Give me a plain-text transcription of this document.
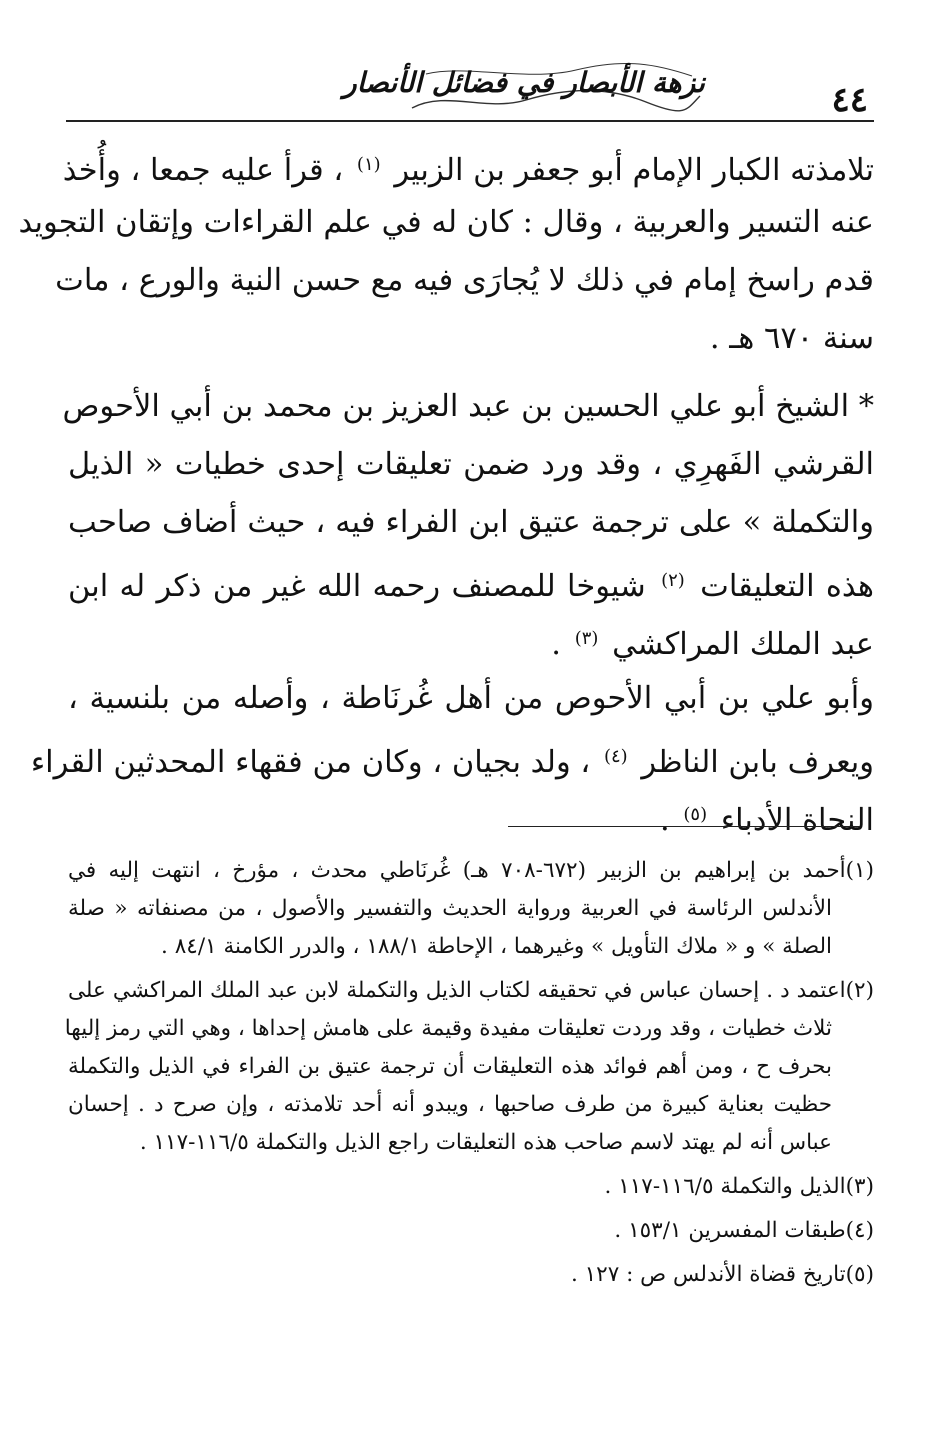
نزهة الأبصار في فضائل الأنصار	٤٤
تلامذته الكبار الإمام أبو جعفر بن الزبير $^{(١)}$ ، قرأ عليه جمعا ، وأُخذ
عنه التسير والعربية ، وقال : كان له في علم القراءات وإتقان التجويد
قدم راسخ إمام في ذلك لا يُجارَى فيه مع حسن النية والورع ، مات
سنة ٦٧٠ هـ .
* الشيخ أبو علي الحسين بن عبد العزيز بن محمد بن أبي الأحوص
القرشي الفَهرِي ، وقد ورد ضمن تعليقات إحدى خطيات « الذيل
والتكملة » على ترجمة عتيق ابن الفراء فيه ، حيث أضاف صاحب
هذه التعليقات $^{(٢)}$ شيوخا للمصنف رحمه الله غير من ذكر له ابن
عبد الملك المراكشي $^{(٣)}$ .
وأبو علي بن أبي الأحوص من أهل غُرنَاطة ، وأصله من بلنسية ،
ويعرف بابن الناظر $^{(٤)}$ ، ولد بجيان ، وكان من فقهاء المحدثين القراء
النحاة الأدباء $^{(٥)}$ .
(١)أحمد بن إبراهيم بن الزبير (٦٧٢-٧٠٨ هـ) غُرنَاطي محدث ، مؤرخ ، انتهت إليه في
الأندلس الرئاسة في العربية ورواية الحديث والتفسير والأصول ، من مصنفاته « صلة
الصلة » و « ملاك التأويل » وغيرهما ، الإحاطة ١٨٨/١ ، والدرر الكامنة ٨٤/١ .
(٢)اعتمد د . إحسان عباس في تحقيقه لكتاب الذيل والتكملة لابن عبد الملك المراكشي على
ثلاث خطيات ، وقد وردت تعليقات مفيدة وقيمة على هامش إحداها ، وهي التي رمز إليها
بحرف ح ، ومن أهم فوائد هذه التعليقات أن ترجمة عتيق بن الفراء في الذيل والتكملة
حظيت بعناية كبيرة من طرف صاحبها ، ويبدو أنه أحد تلامذته ، وإن صرح د . إحسان
عباس أنه لم يهتد لاسم صاحب هذه التعليقات راجع الذيل والتكملة ١١٦/٥-١١٧ .
(٣)الذيل والتكملة ١١٦/٥-١١٧ .
(٤)طبقات المفسرين ١٥٣/١ .
(٥)تاريخ قضاة الأندلس ص : ١٢٧ .
